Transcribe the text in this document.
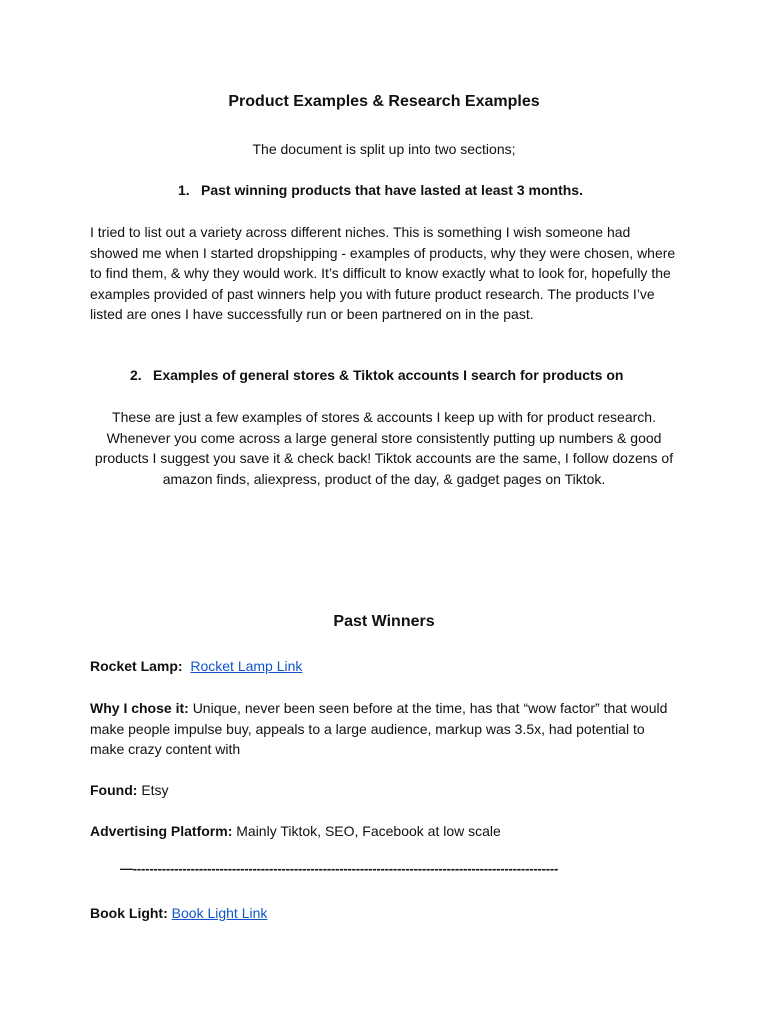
Product Examples & Research Examples
The document is split up into two sections;
1. Past winning products that have lasted at least 3 months.
I tried to list out a variety across different niches. This is something I wish someone had showed me when I started dropshipping - examples of products, why they were chosen, where to find them, & why they would work. It’s difficult to know exactly what to look for, hopefully the examples provided of past winners help you with future product research. The products I’ve listed are ones I have successfully run or been partnered on in the past.
2. Examples of general stores & Tiktok accounts I search for products on
These are just a few examples of stores & accounts I keep up with for product research. Whenever you come across a large general store consistently putting up numbers & good products I suggest you save it & check back! Tiktok accounts are the same, I follow dozens of amazon finds, aliexpress, product of the day, & gadget pages on Tiktok.
Past Winners
Rocket Lamp: Rocket Lamp Link
Why I chose it: Unique, never been seen before at the time, has that “wow factor” that would make people impulse buy, appeals to a large audience, markup was 3.5x, had potential to make crazy content with
Found: Etsy
Advertising Platform: Mainly Tiktok, SEO, Facebook at low scale
—-------------------------------------------------------------------------------------------------------
Book Light: Book Light Link
